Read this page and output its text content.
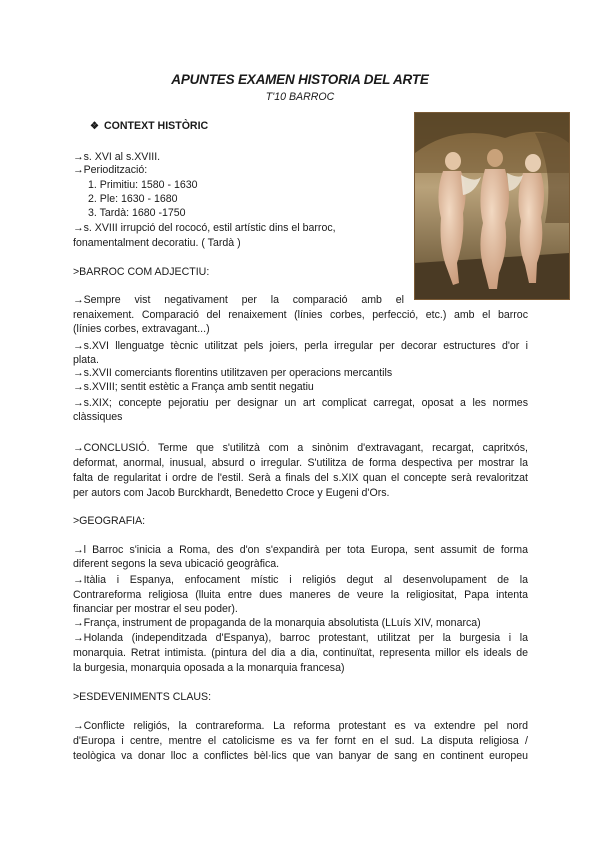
APUNTES EXAMEN HISTORIA DEL ARTE
T'10 BARROC
❖ CONTEXT HISTÒRIC
→s. XVI al s.XVIII.
→Periodització:
1. Primitiu: 1580 - 1630
2. Ple: 1630 - 1680
3. Tardà: 1680 -1750
→s. XVIII irrupció del rococó, estil artístic dins el barroc,
fonamentalment decoratiu. ( Tardà )
>BARROC COM ADJECTIU:
→Sempre vist negativament per la comparació amb el
renaixement. Comparació del renaixement (línies corbes, perfecció, etc.) amb el barroc
(línies corbes, extravagant...)
→s.XVI llenguatge tècnic utilitzat pels joiers, perla irregular per decorar estructures d'or i
plata.
→s.XVII comerciants florentins utilitzaven per operacions mercantils
→s.XVIII; sentit estètic a França amb sentit negatiu
→s.XIX; concepte pejoratiu per designar un art complicat carregat, oposat a les normes
clàssiques
→CONCLUSIÓ. Terme que s'utilitzà com a sinònim d'extravagant, recargat, capritxós,
deformat, anormal, inusual, absurd o irregular. S'utilitza de forma despectiva per mostrar la
falta de regularitat i ordre de l'estil. Serà a finals del s.XIX quan el concepte serà revaloritzat
per autors com Jacob Burckhardt, Benedetto Croce y Eugeni d'Ors.
>GEOGRAFIA:
→l Barroc s'inicia a Roma, des d'on s'expandirà per tota Europa, sent assumit de forma
diferent segons la seva ubicació geogràfica.
→Itàlia i Espanya, enfocament místic i religiós degut al desenvolupament de la
Contrareforma religiosa (lluita entre dues maneres de veure la religiositat, Papa intenta
financiar per mostrar el seu poder).
→França, instrument de propaganda de la monarquia absolutista (LLuís XIV, monarca)
→Holanda (independitzada d'Espanya), barroc protestant, utilitzat per la burgesia i la
monarquia. Retrat intimista. (pintura del dia a dia, continuïtat, representa millor els ideals de
la burgesia, monarquia oposada a la monarquia francesa)
>ESDEVENIMENTS CLAUS:
→Conflicte religiós, la contrareforma. La reforma protestant es va extendre pel nord
d'Europa i centre, mentre el catolicisme es va fer fornt en el sud. La disputa religiosa /
teològica va donar lloc a conflictes bèl·lics que van banyar de sang en continent europeu
